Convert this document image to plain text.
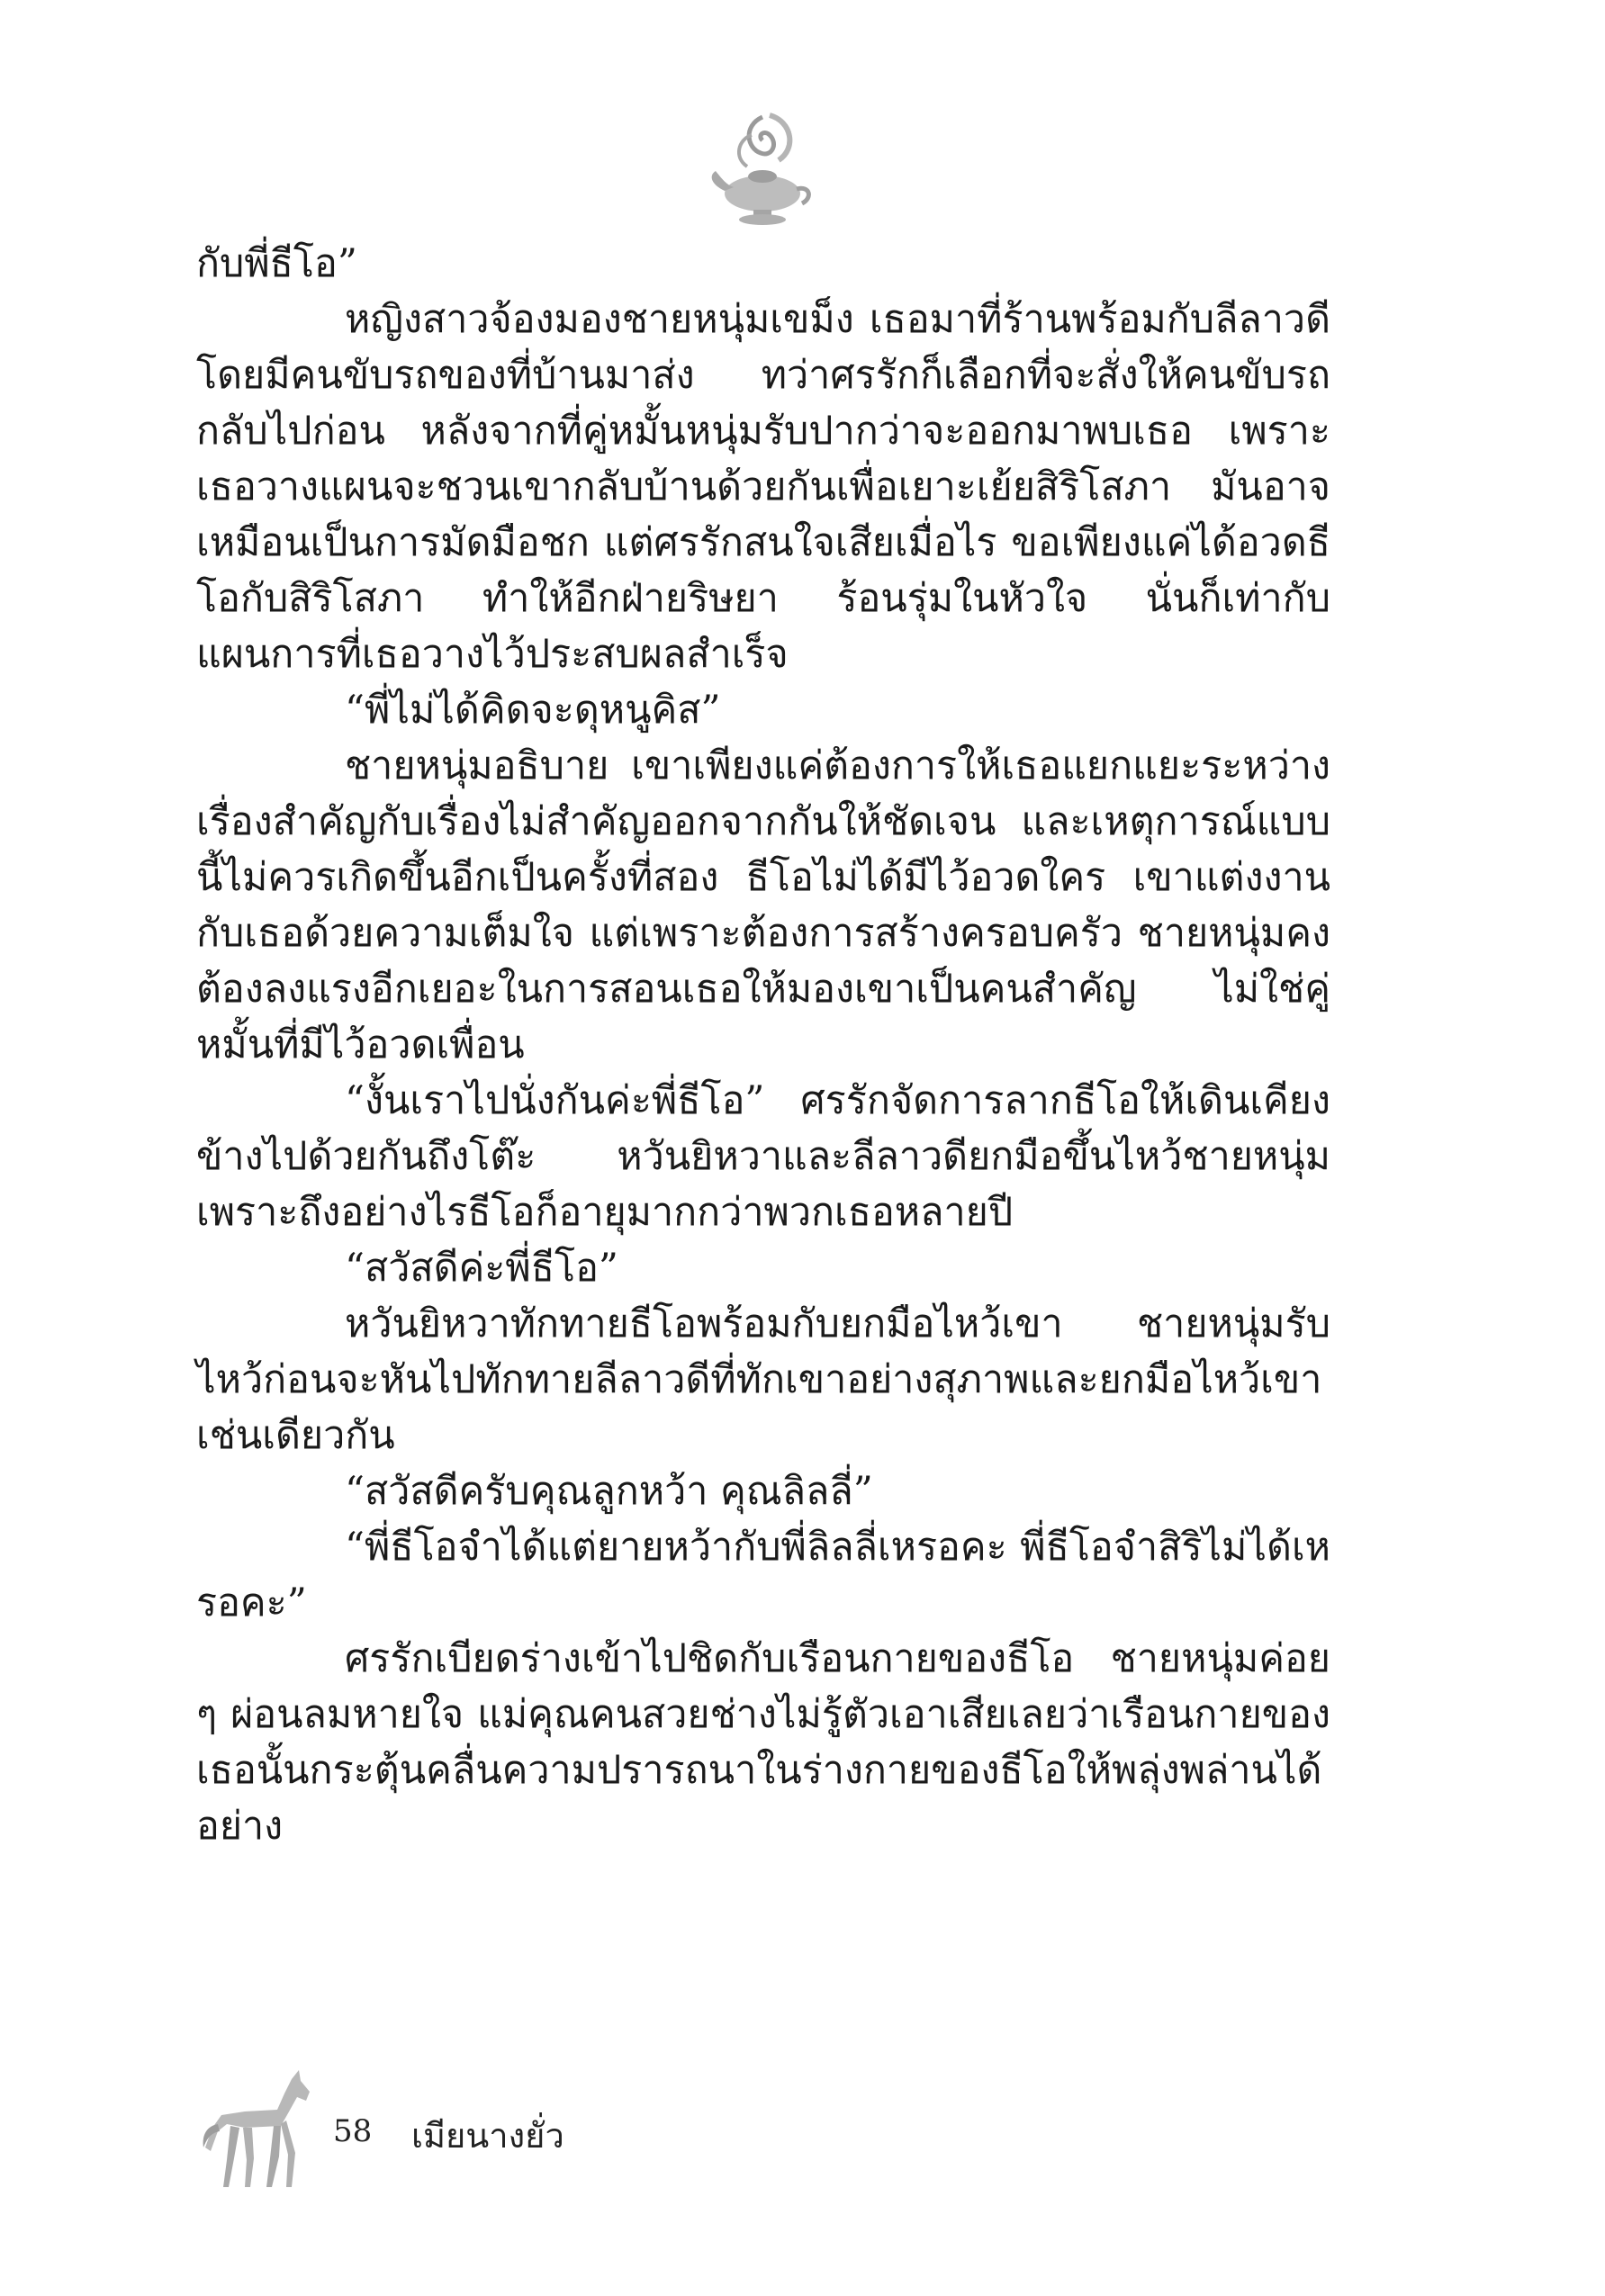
กับพี่ธีโอ”

หญิงสาวจ้องมองชายหนุ่มเขม็ง เธอมาที่ร้านพร้อมกับลีลาวดี โดยมีคนขับรถของที่บ้านมาส่ง ทว่าศรรักก็เลือกที่จะสั่งให้คนขับรถกลับไปก่อน หลังจากที่คู่หมั้นหนุ่มรับปากว่าจะออกมาพบเธอ เพราะเธอวางแผนจะชวนเขากลับบ้านด้วยกันเพื่อเยาะเย้ยสิริโสภา มันอาจเหมือนเป็นการมัดมือชก แต่ศรรักสนใจเสียเมื่อไร ขอเพียงแค่ได้อวดธีโอกับสิริโสภา ทำให้อีกฝ่ายริษยา ร้อนรุ่มในหัวใจ นั่นก็เท่ากับแผนการที่เธอวางไว้ประสบผลสำเร็จ

“พี่ไม่ได้คิดจะดุหนูคิส”

ชายหนุ่มอธิบาย เขาเพียงแค่ต้องการให้เธอแยกแยะระหว่างเรื่องสำคัญกับเรื่องไม่สำคัญออกจากกันให้ชัดเจน และเหตุการณ์แบบนี้ไม่ควรเกิดขึ้นอีกเป็นครั้งที่สอง ธีโอไม่ได้มีไว้อวดใคร เขาแต่งงานกับเธอด้วยความเต็มใจ แต่เพราะต้องการสร้างครอบครัว ชายหนุ่มคงต้องลงแรงอีกเยอะในการสอนเธอให้มองเขาเป็นคนสำคัญ ไม่ใช่คู่หมั้นที่มีไว้อวดเพื่อน

“งั้นเราไปนั่งกันค่ะพี่ธีโอ” ศรรักจัดการลากธีโอให้เดินเคียงข้างไปด้วยกันถึงโต๊ะ หวันยิหวาและลีลาวดียกมือขึ้นไหว้ชายหนุ่มเพราะถึงอย่างไรธีโอก็อายุมากกว่าพวกเธอหลายปี

“สวัสดีค่ะพี่ธีโอ”

หวันยิหวาทักทายธีโอพร้อมกับยกมือไหว้เขา ชายหนุ่มรับไหว้ก่อนจะหันไปทักทายลีลาวดีที่ทักเขาอย่างสุภาพและยกมือไหว้เขาเช่นเดียวกัน

“สวัสดีครับคุณลูกหว้า คุณลิลลี่”

“พี่ธีโอจำได้แต่ยายหว้ากับพี่ลิลลี่เหรอคะ พี่ธีโอจำสิริไม่ได้เหรอคะ”

ศรรักเบียดร่างเข้าไปชิดกับเรือนกายของธีโอ ชายหนุ่มค่อย ๆ ผ่อนลมหายใจ แม่คุณคนสวยช่างไม่รู้ตัวเอาเสียเลยว่าเรือนกายของเธอนั้นกระตุ้นคลื่นความปรารถนาในร่างกายของธีโอให้พลุ่งพล่านได้อย่าง

58 เมียนางยั่ว
